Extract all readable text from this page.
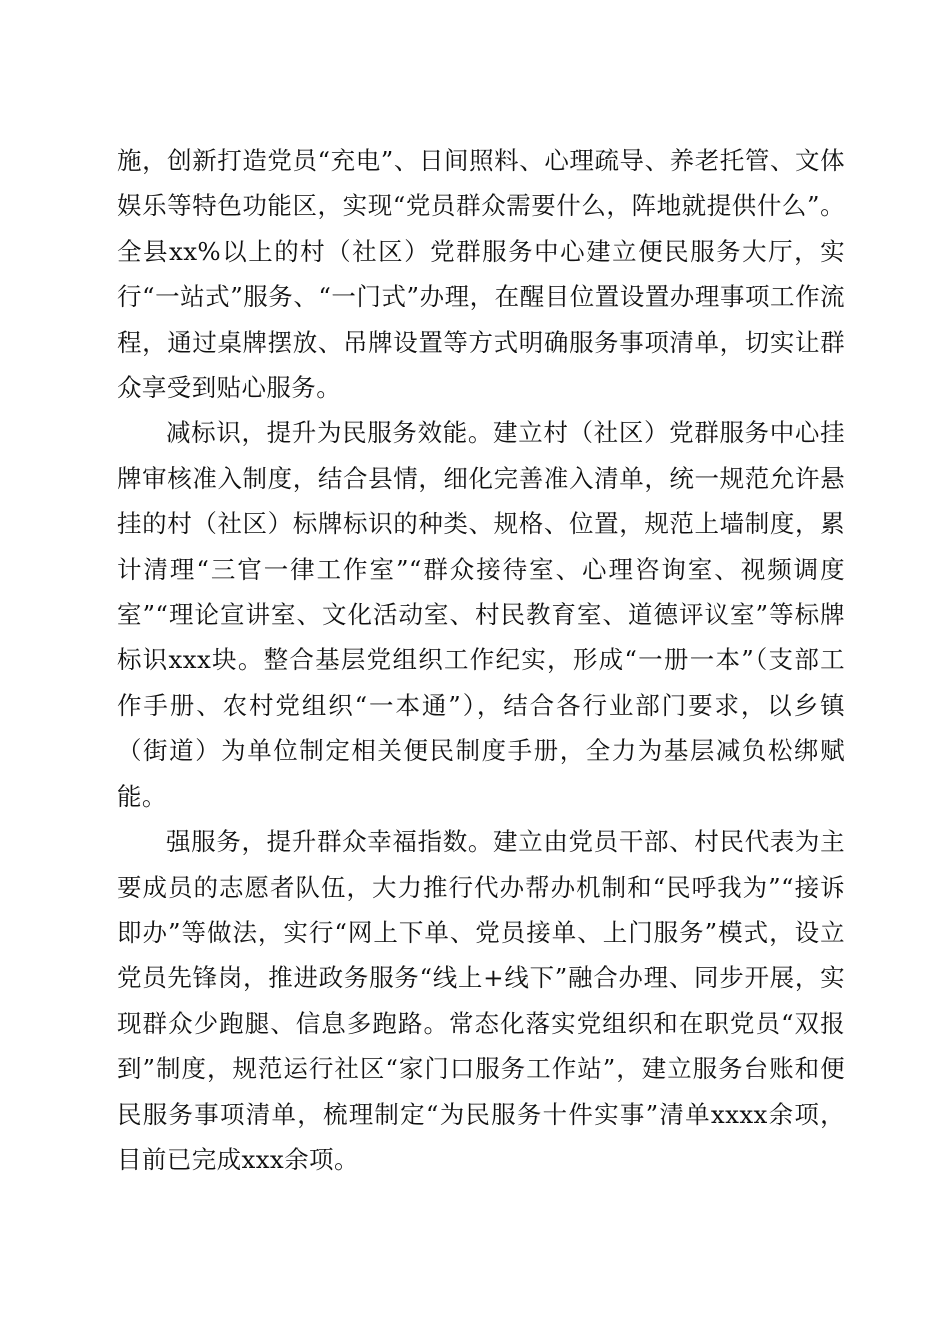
施，创新打造党员“充电”、日间照料、心理疏导、养老托管、文体娱乐等特色功能区，实现“党员群众需要什么，阵地就提供什么”。全县xx%以上的村（社区）党群服务中心建立便民服务大厅，实行“一站式”服务、“一门式”办理，在醒目位置设置办理事项工作流程，通过桌牌摆放、吊牌设置等方式明确服务事项清单，切实让群众享受到贴心服务。

减标识，提升为民服务效能。建立村（社区）党群服务中心挂牌审核准入制度，结合县情，细化完善准入清单，统一规范允许悬挂的村（社区）标牌标识的种类、规格、位置，规范上墙制度，累计清理“三官一律工作室”“群众接待室、心理咨询室、视频调度室”“理论宣讲室、文化活动室、村民教育室、道德评议室”等标牌标识xxx块。整合基层党组织工作纪实，形成“一册一本”（支部工作手册、农村党组织“一本通”），结合各行业部门要求，以乡镇（街道）为单位制定相关便民制度手册，全力为基层减负松绑赋能。

强服务，提升群众幸福指数。建立由党员干部、村民代表为主要成员的志愿者队伍，大力推行代办帮办机制和“民呼我为”“接诉即办”等做法，实行“网上下单、党员接单、上门服务”模式，设立党员先锋岗，推进政务服务“线上+线下”融合办理、同步开展，实现群众少跑腿、信息多跑路。常态化落实党组织和在职党员“双报到”制度，规范运行社区“家门口服务工作站”，建立服务台账和便民服务事项清单，梳理制定“为民服务十件实事”清单xxxx余项，目前已完成xxx余项。
